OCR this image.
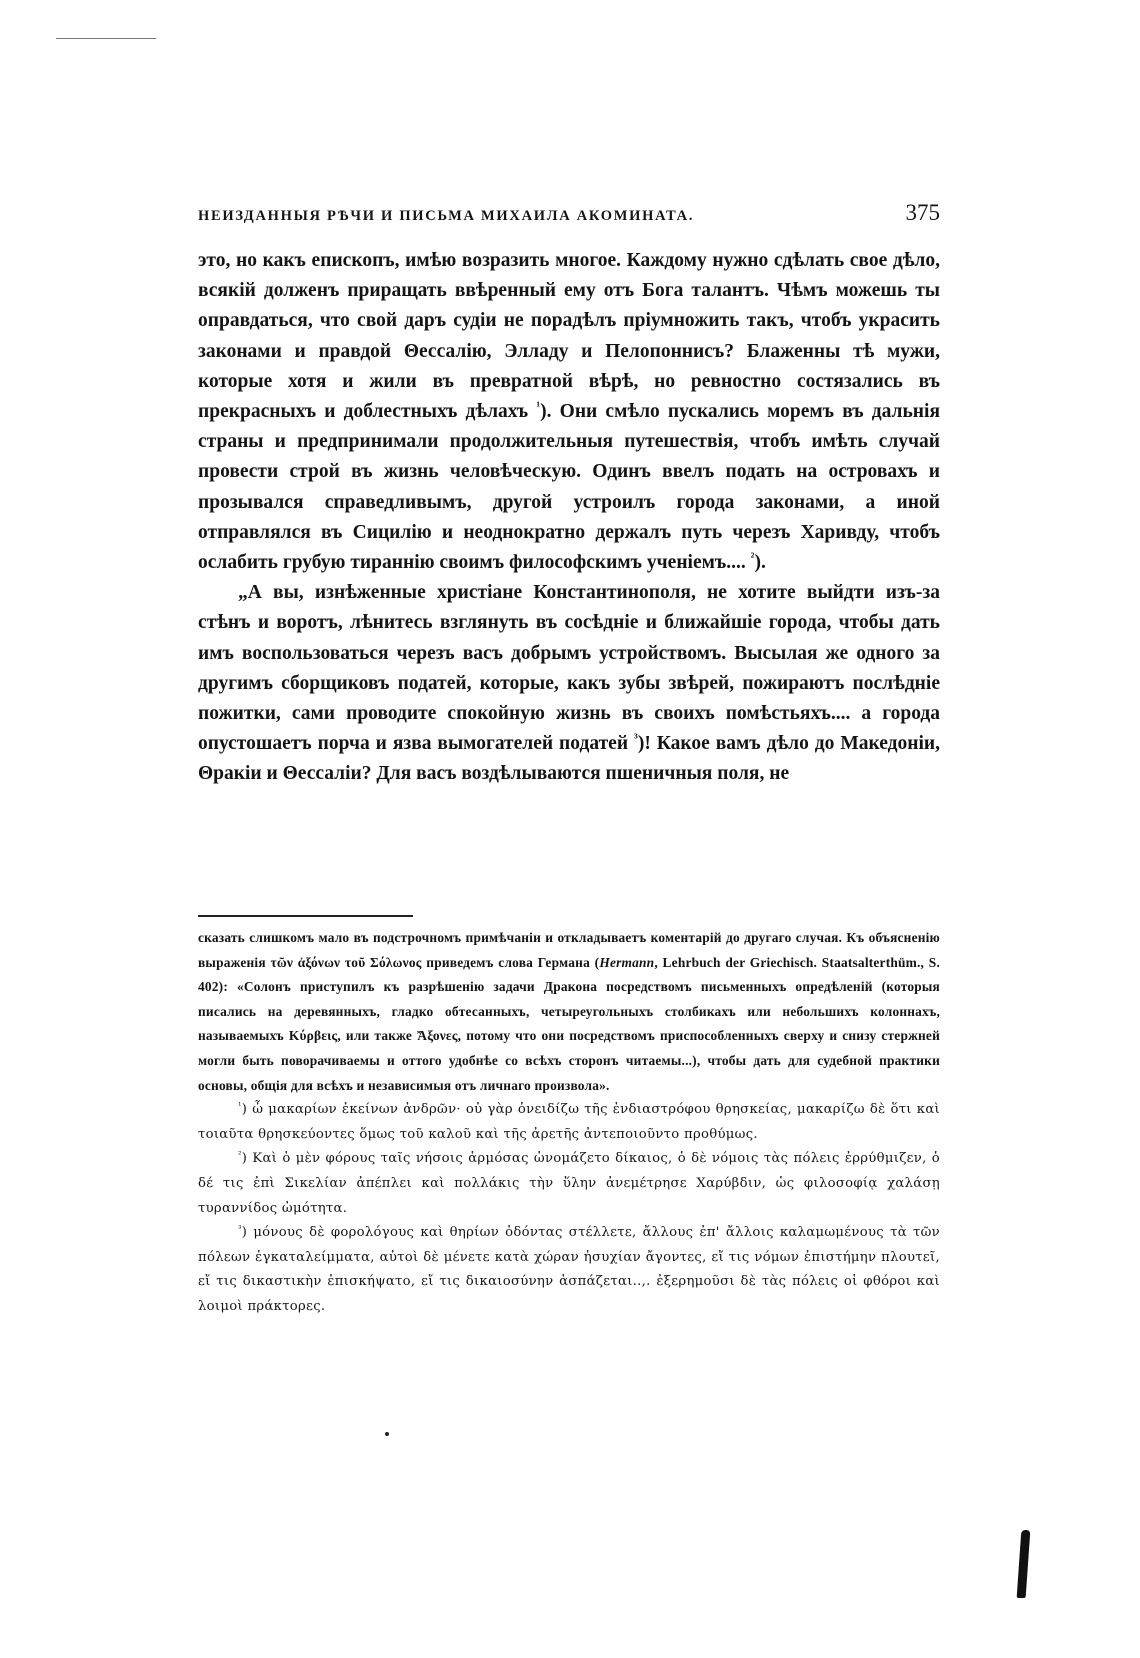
НЕИЗДАННЫЯ РѢЧИ И ПИСЬМА МИХАИЛА АКОМИНАТА.	375

это, но какъ епископъ, имѣю возразить многое. Каждому нужно сдѣлать свое дѣло, всякій долженъ приращать ввѣренный ему отъ Бога талантъ. Чѣмъ можешь ты оправдаться, что свой даръ судіи не порадѣлъ пріумножить такъ, чтобъ украсить законами и правдой Θессалію, Элладу и Пелопоннисъ? Блаженны тѣ мужи, которые хотя и жили въ превратной вѣрѣ, но ревностно состязались въ прекрасныхъ и доблестныхъ дѣлахъ $^{^1}$). Они смѣло пускались моремъ въ дальнія страны и предпринимали продолжительныя путешествія, чтобъ имѣть случай провести строй въ жизнь человѣческую. Одинъ ввелъ подать на островахъ и прозывался справедливымъ, другой устроилъ города законами, а иной отправлялся въ Сицилію и неоднократно держалъ путь черезъ Харивду, чтобъ ослабить грубую тираннію своимъ философскимъ ученіемъ.... $^{^2}$).

„А вы, изнѣженные христіане Константинополя, не хотите выйдти изъ-за стѣнъ и воротъ, лѣнитесь взглянуть въ сосѣдніе и ближайшіе города, чтобы дать имъ воспользоваться черезъ васъ добрымъ устройствомъ. Высылая же одного за другимъ сборщиковъ податей, которые, какъ зубы звѣрей, пожираютъ послѣдніе пожитки, сами проводите спокойную жизнь въ своихъ помѣстьяхъ.... а города опустошаетъ порча и язва вымогателей податей $^{^3}$)! Какое вамъ дѣло до Македоніи, Θракіи и Θессаліи? Для васъ воздѣлываются пшеничныя поля, не

сказать слишкомъ мало въ подстрочномъ примѣчаніи и откладываетъ коментарій до другаго случая. Къ объясненію выраженія τῶν ἀξόνων τοῦ Σόλωνος приведемъ слова Германа (Hermann, Lehrbuch der Griechisch. Staatsalterthüm., S. 402): «Солонъ приступилъ къ разрѣшенію задачи Дракона посредствомъ письменныхъ опредѣленій (которыя писались на деревянныхъ, гладко обтесанныхъ, четыреугольныхъ столбикахъ или небольшихъ колоннахъ, называемыхъ Κύρβεις, или также Ἄξονες, потому что они посредствомъ приспособленныхъ сверху и снизу стержней могли быть поворачиваемы и оттого удобнѣе со всѣхъ сторонъ читаемы...), чтобы дать для судебной практики основы, общія для всѣхъ и независимыя отъ личнаго произвола».

$^{^1}$) ὦ μακαρίων ἐκείνων ἀνδρῶν· οὐ γὰρ ὀνειδίζω τῆς ἐνδιαστρόφου θρησκείας, μακαρίζω δὲ ὅτι καὶ τοιαῦτα θρησκεύοντες ὅμως τοῦ καλοῦ καὶ τῆς ἀρετῆς ἀντεποιοῦντο προθύμως.

$^{^2}$) Καὶ ὁ μὲν φόρους ταῖς νήσοις ἁρμόσας ὠνομάζετο δίκαιος, ὁ δὲ νόμοις τὰς πόλεις ἐρρύθμιζεν, ὁ δέ τις ἐπὶ Σικελίαν ἀπέπλει καὶ πολλάκις τὴν ὕλην ἀνεμέτρησε Χαρύβδιν, ὡς φιλοσοφίᾳ χαλάσῃ τυραννίδος ὠμότητα.

$^{^3}$) μόνους δὲ φορολόγους καὶ θηρίων ὀδόντας στέλλετε, ἄλλους ἐπ' ἄλλοις καλαμωμένους τὰ τῶν πόλεων ἐγκαταλείμματα, αὐτοὶ δὲ μένετε κατὰ χώραν ἡσυχίαν ἄγοντες, εἴ τις νόμων ἐπιστήμην πλουτεῖ, εἴ τις δικαστικὴν ἐπισκήψατο, εἴ τις δικαιοσύνην ἀσπάζεται..,. ἐξερημοῦσι δὲ τὰς πόλεις οἱ φθόροι καὶ λοιμοὶ πράκτορες.
